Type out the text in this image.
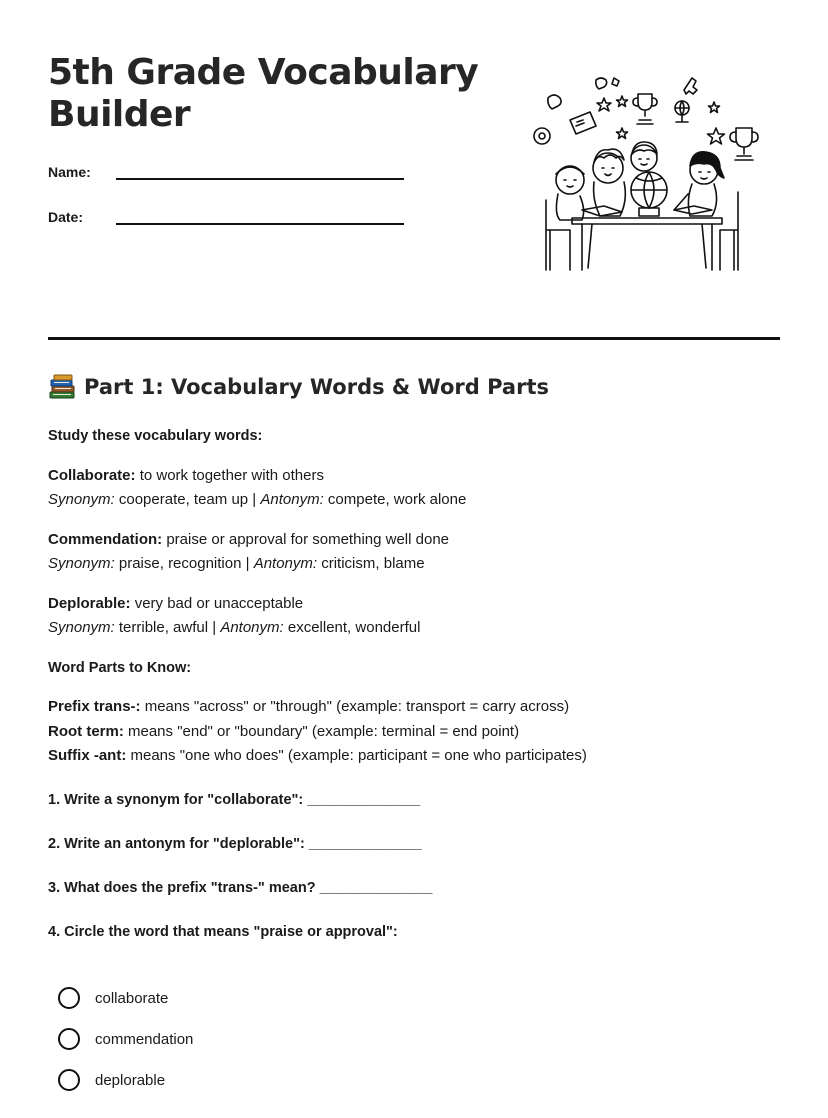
5th Grade Vocabulary
Builder
Name:
Date:
Part 1: Vocabulary Words & Word Parts
Study these vocabulary words:
Collaborate: to work together with others
Synonym: cooperate, team up | Antonym: compete, work alone
Commendation: praise or approval for something well done
Synonym: praise, recognition | Antonym: criticism, blame
Deplorable: very bad or unacceptable
Synonym: terrible, awful | Antonym: excellent, wonderful
Word Parts to Know:
Prefix trans-: means "across" or "through" (example: transport = carry across)
Root term: means "end" or "boundary" (example: terminal = end point)
Suffix -ant: means "one who does" (example: participant = one who participates)
1. Write a synonym for "collaborate": ______________
2. Write an antonym for "deplorable": ______________
3. What does the prefix "trans-" mean? ______________
4. Circle the word that means "praise or approval":
collaborate
commendation
deplorable
